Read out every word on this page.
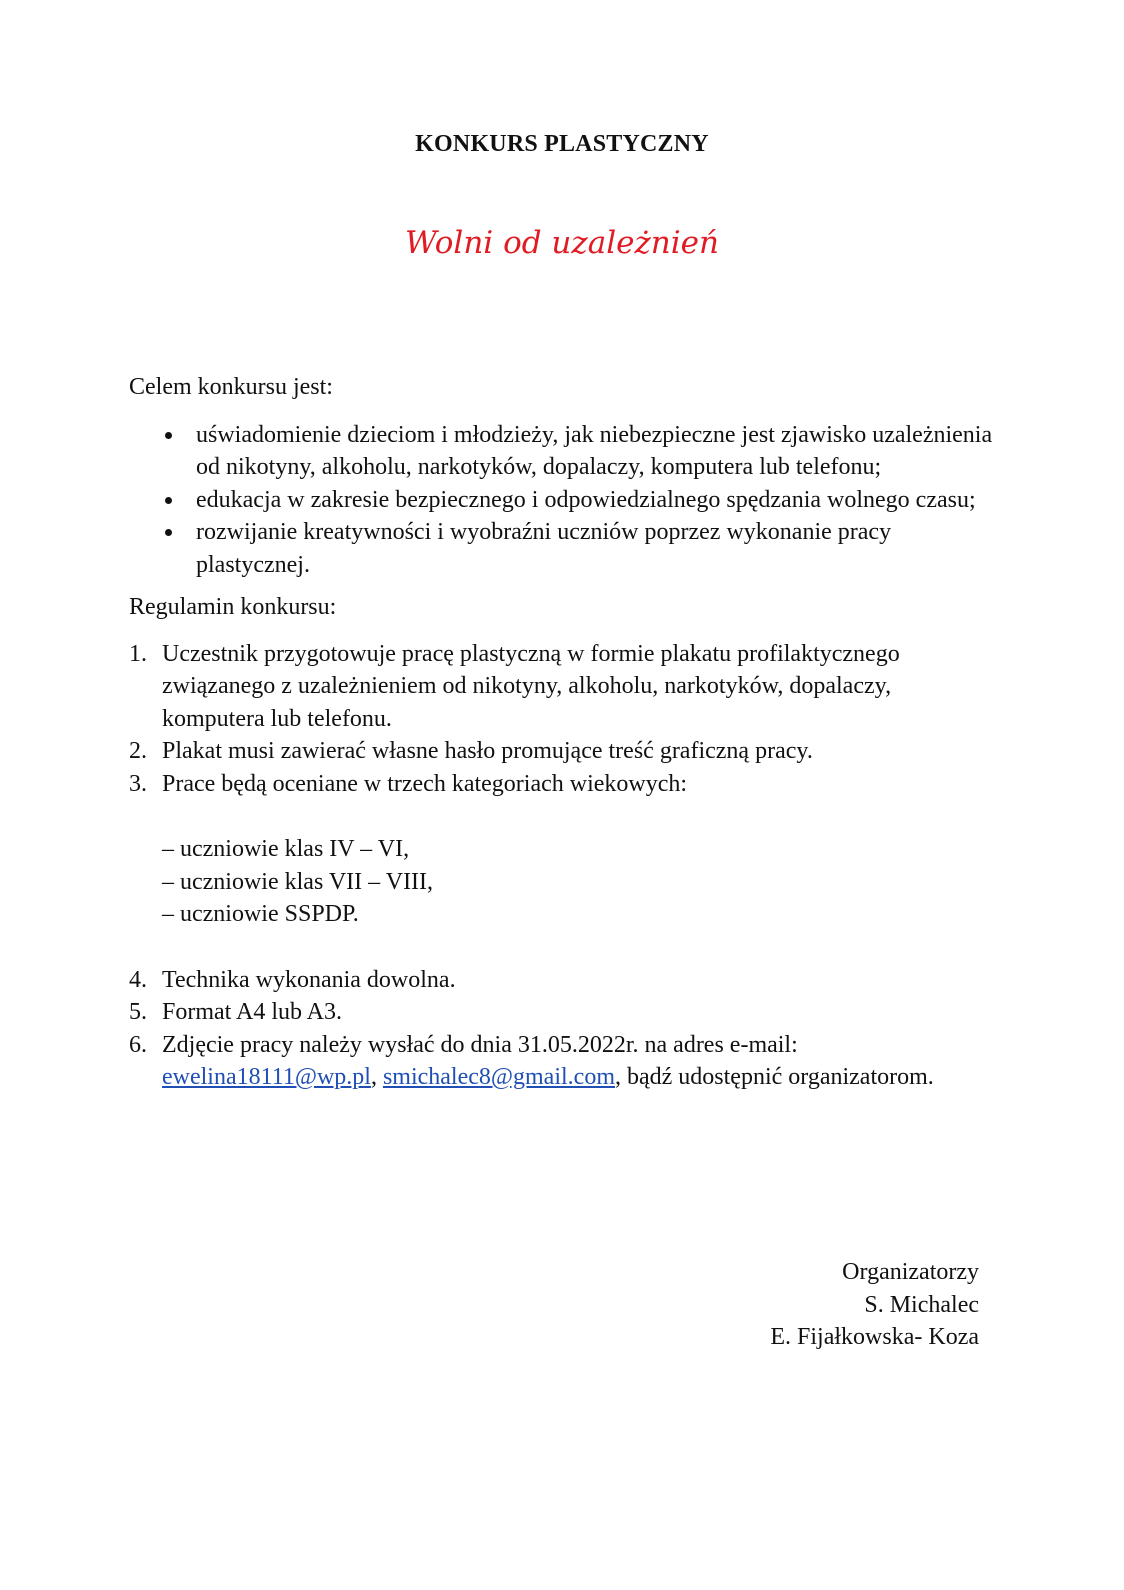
KONKURS PLASTYCZNY
Wolni od uzależnień

Celem konkursu jest:

uświadomienie dzieciom i młodzieży, jak niebezpieczne jest zjawisko uzależnienia od nikotyny, alkoholu, narkotyków, dopalaczy, komputera lub telefonu;
edukacja w zakresie bezpiecznego i odpowiedzialnego spędzania wolnego czasu;
rozwijanie kreatywności i wyobraźni uczniów poprzez wykonanie pracy plastycznej.

Regulamin konkursu:

1. Uczestnik przygotowuje pracę plastyczną w formie plakatu profilaktycznego związanego z uzależnieniem od nikotyny, alkoholu, narkotyków, dopalaczy, komputera lub telefonu.
2. Plakat musi zawierać własne hasło promujące treść graficzną pracy.
3. Prace będą oceniane w trzech kategoriach wiekowych:
– uczniowie klas IV – VI,
– uczniowie klas VII – VIII,
– uczniowie SSPDP.
4. Technika wykonania dowolna.
5. Format A4 lub A3.
6. Zdjęcie pracy należy wysłać do dnia 31.05.2022r. na adres e-mail:
ewelina18111@wp.pl, smichalec8@gmail.com, bądź udostępnić organizatorom.
Organizatorzy
S. Michalec
E. Fijałkowska- Koza
